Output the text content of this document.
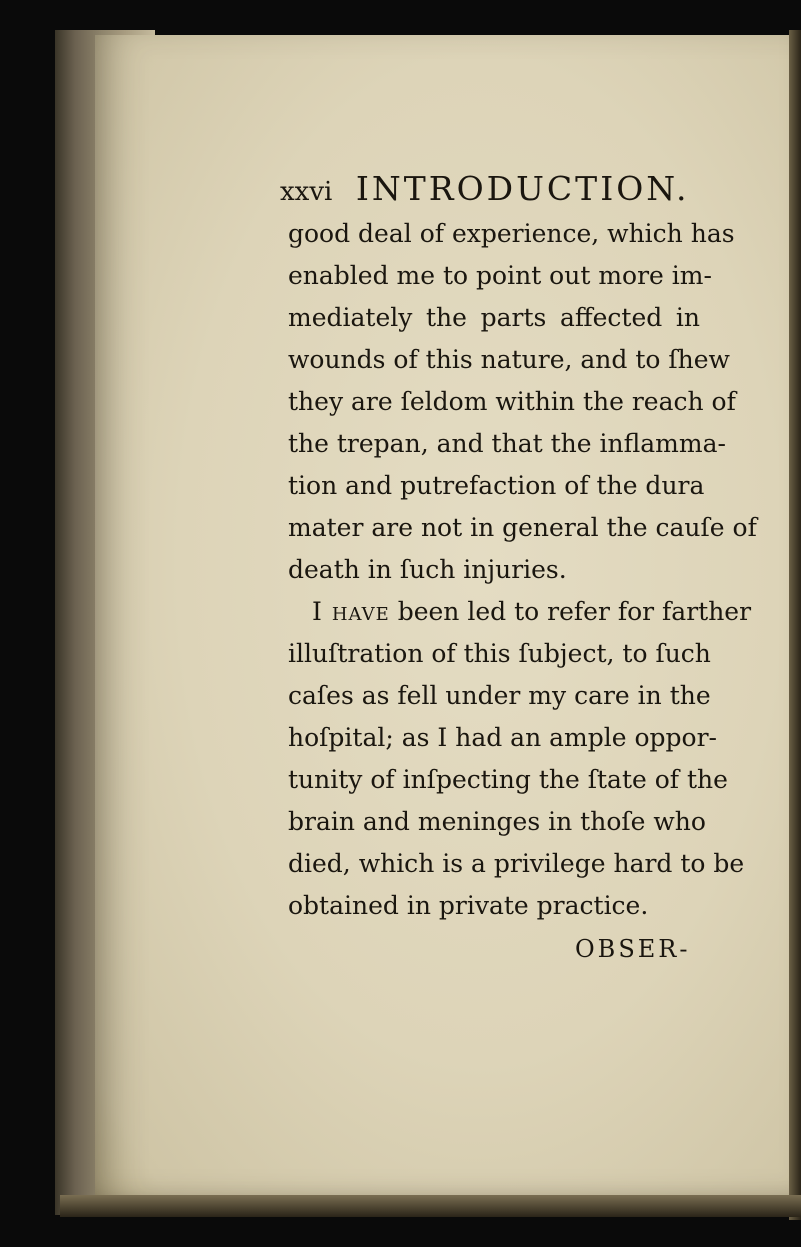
xxvi INTRODUCTION.
good deal of experience, which has
enabled me to point out more im-
mediately the parts affected in
wounds of this nature, and to ſhew
they are ſeldom within the reach of
the trepan, and that the inflamma-
tion and putrefaction of the dura
mater are not in general the cauſe of
death in ſuch injuries.
I have been led to refer for farther
illuſtration of this ſubject, to ſuch
caſes as fell under my care in the
hoſpital; as I had an ample oppor-
tunity of inſpecting the ſtate of the
brain and meninges in thoſe who
died, which is a privilege hard to be
obtained in private practice.
OBSER-
